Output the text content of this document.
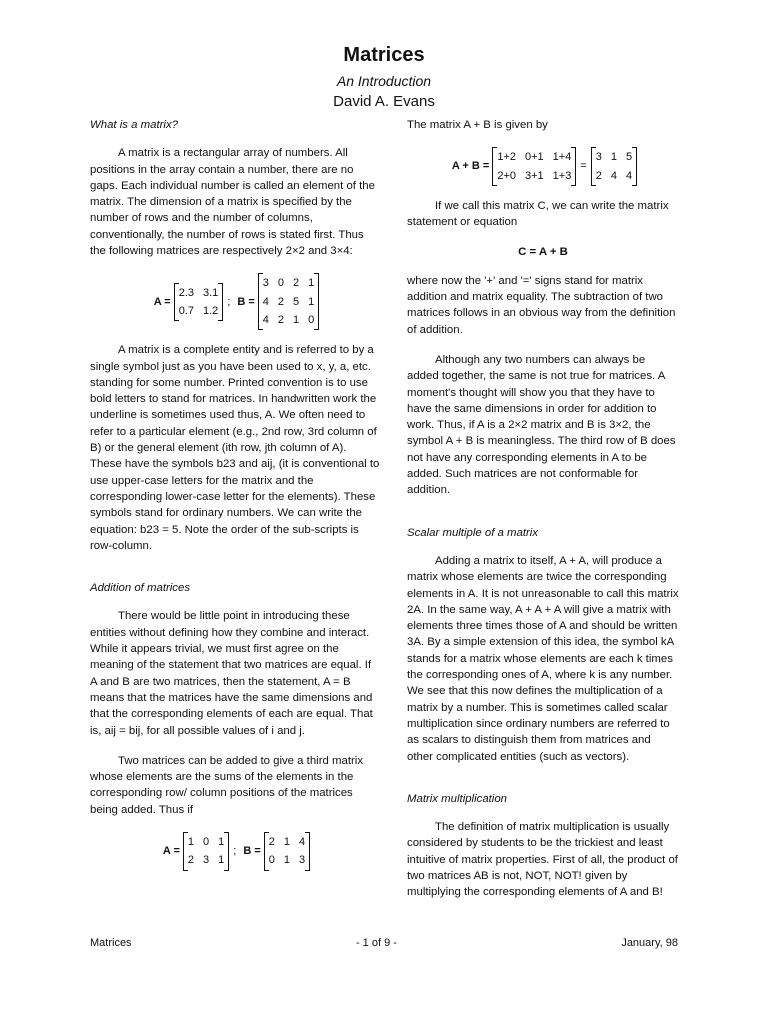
Matrices
An Introduction
David A. Evans
What is a matrix?

A matrix is a rectangular array of numbers. All positions in the array contain a number, there are no gaps. Each individual number is called an element of the matrix. The dimension of a matrix is specified by the number of rows and the number of columns, conventionally, the number of rows is stated first. Thus the following matrices are respectively 2×2 and 3×4:

A =
2.3 3.1
0.7 1.2
; B =
3 0 2 1
4 2 5 1
4 2 1 0

A matrix is a complete entity and is referred to by a single symbol just as you have been used to x, y, a, etc. standing for some number. Printed convention is to use bold letters to stand for matrices. In handwritten work the underline is sometimes used thus, A. We often need to refer to a particular element (e.g., 2nd row, 3rd column of B) or the general element (ith row, jth column of A). These have the symbols b23 and aij, (it is conventional to use upper-case letters for the matrix and the corresponding lower-case letter for the elements). These symbols stand for ordinary numbers. We can write the equation: b23 = 5. Note the order of the sub-scripts is row-column.

Addition of matrices

There would be little point in introducing these entities without defining how they combine and interact. While it appears trivial, we must first agree on the meaning of the statement that two matrices are equal. If A and B are two matrices, then the statement, A = B means that the matrices have the same dimensions and that the corresponding elements of each are equal. That is, aij = bij, for all possible values of i and j.

Two matrices can be added to give a third matrix whose elements are the sums of the elements in the corresponding row/ column positions of the matrices being added. Thus if

A =
1 0 1
2 3 1
; B =
2 1 4
0 1 3

The matrix A + B is given by

A + B =
1+2 0+1 1+4
2+0 3+1 1+3
=
3 1 5
2 4 4

If we call this matrix C, we can write the matrix statement or equation

C = A + B

where now the '+' and '=' signs stand for matrix addition and matrix equality. The subtraction of two matrices follows in an obvious way from the definition of addition.

Although any two numbers can always be added together, the same is not true for matrices. A moment's thought will show you that they have to have the same dimensions in order for addition to work. Thus, if A is a 2×2 matrix and B is 3×2, the symbol A + B is meaningless. The third row of B does not have any corresponding elements in A to be added. Such matrices are not conformable for addition.

Scalar multiple of a matrix

Adding a matrix to itself, A + A, will produce a matrix whose elements are twice the corresponding elements in A. It is not unreasonable to call this matrix 2A. In the same way, A + A + A will give a matrix with elements three times those of A and should be written 3A. By a simple extension of this idea, the symbol kA stands for a matrix whose elements are each k times the corresponding ones of A, where k is any number. We see that this now defines the multiplication of a matrix by a number. This is sometimes called scalar multiplication since ordinary numbers are referred to as scalars to distinguish them from matrices and other complicated entities (such as vectors).

Matrix multiplication

The definition of matrix multiplication is usually considered by students to be the trickiest and least intuitive of matrix properties. First of all, the product of two matrices AB is not, NOT, NOT! given by multiplying the corresponding elements of A and B!

Matrices	- 1 of 9 -	January, 98
